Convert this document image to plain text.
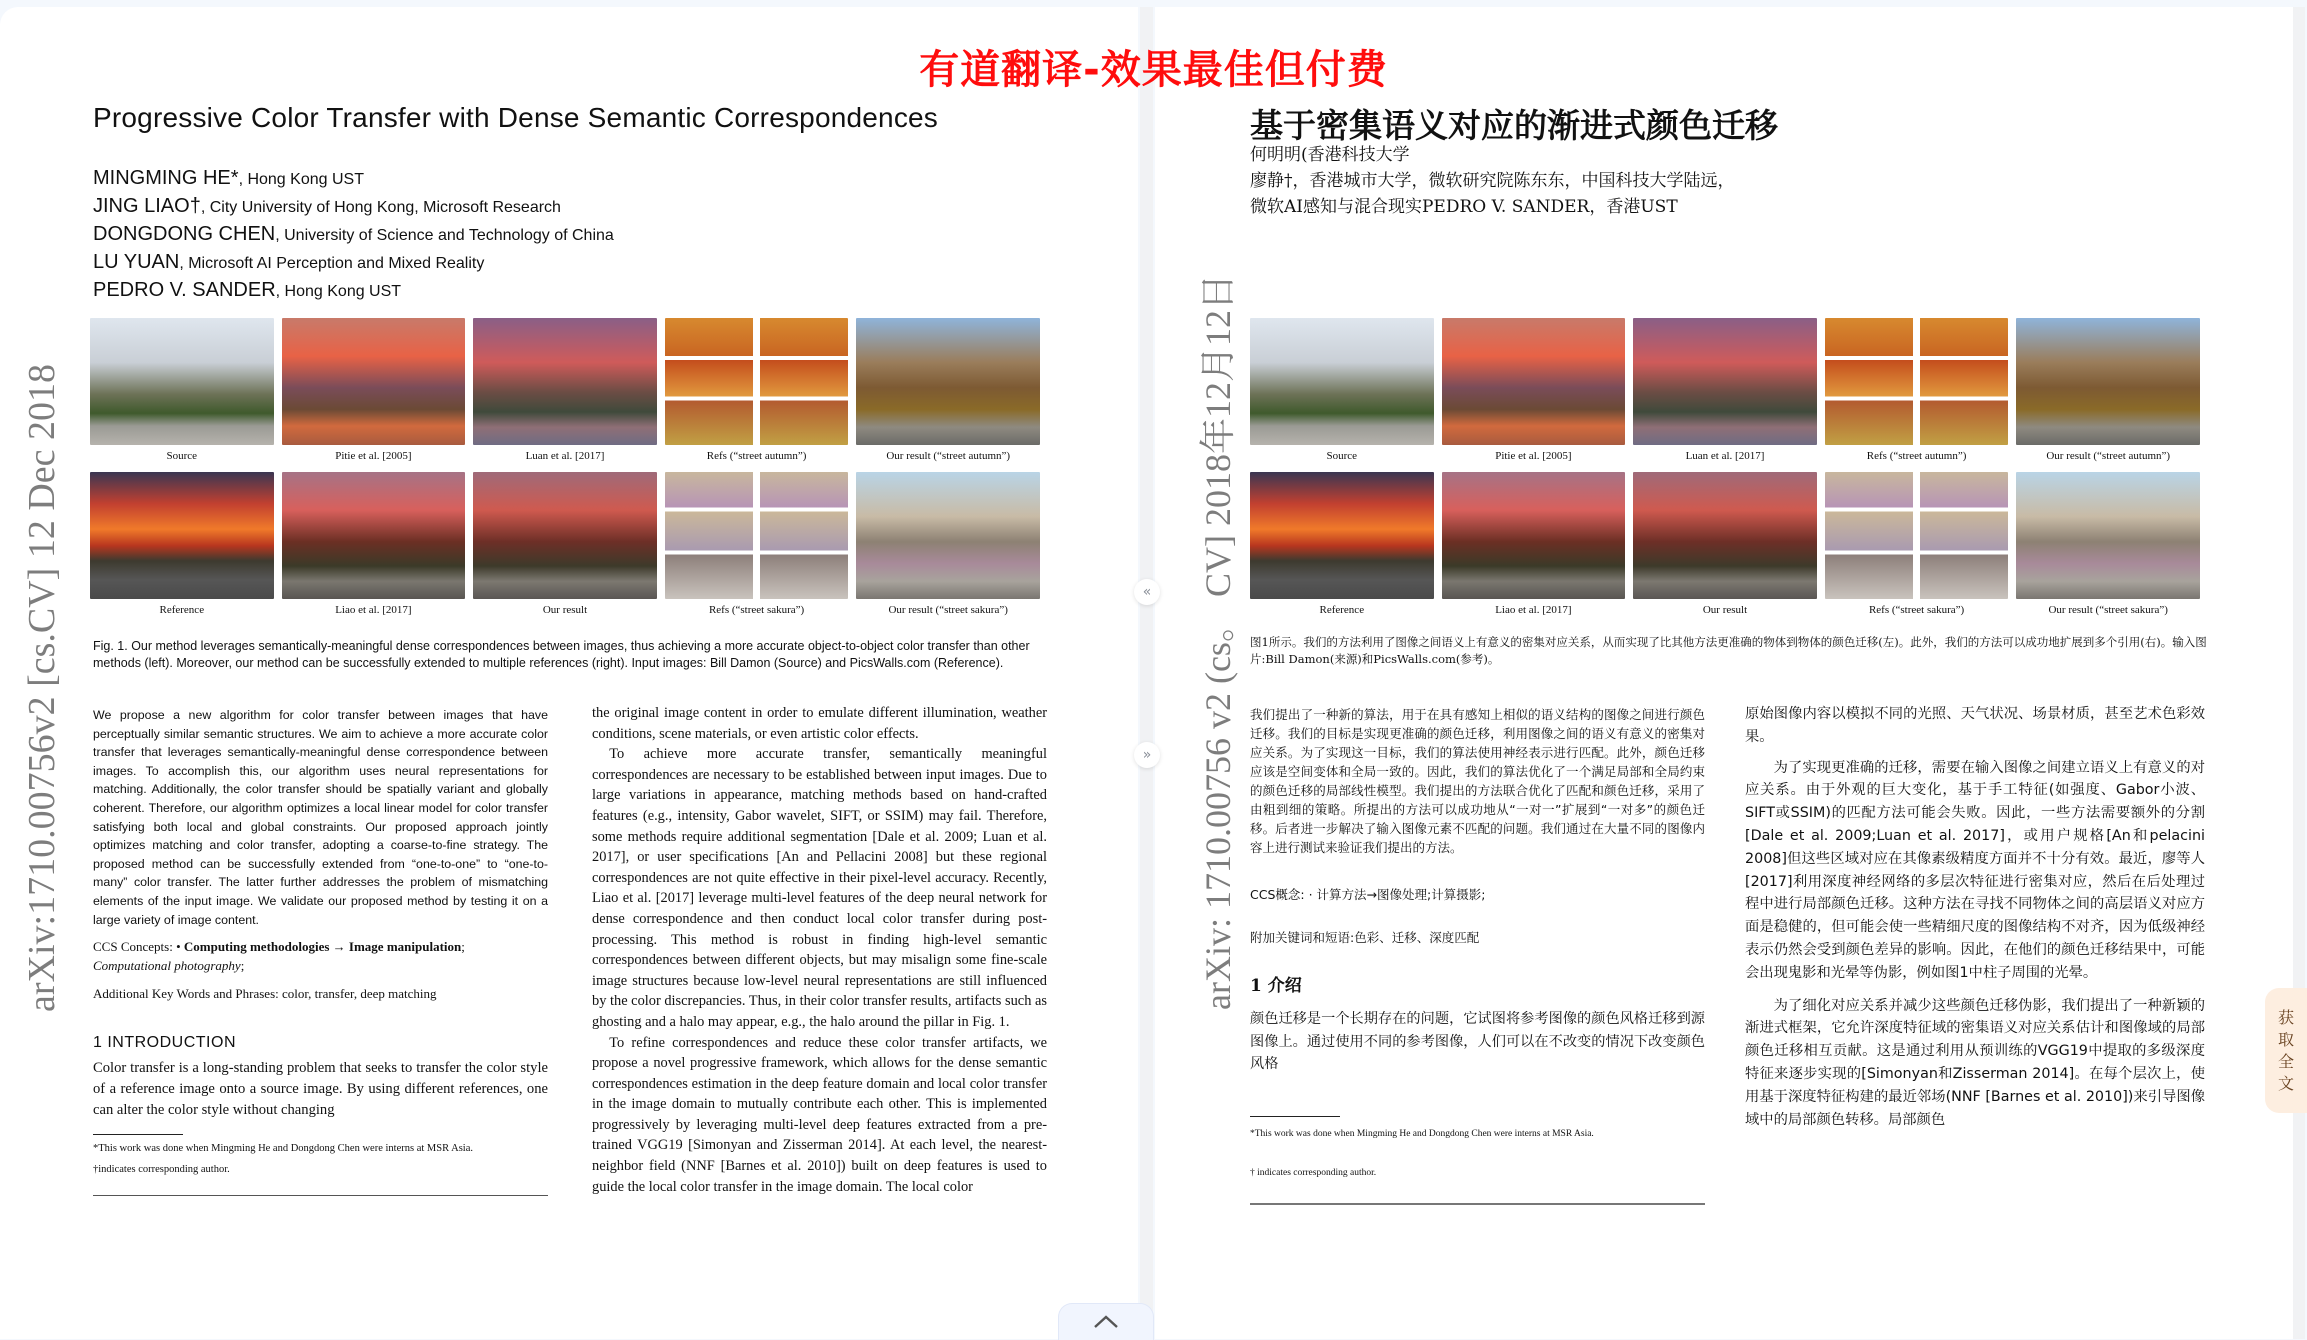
有道翻译-效果最佳但付费
arXiv:1710.00756v2 [cs.CV] 12 Dec 2018
Progressive Color Transfer with Dense Semantic Correspondences
MINGMING HE*, Hong Kong UST
JING LIAO†, City University of Hong Kong, Microsoft Research
DONGDONG CHEN, University of Science and Technology of China
LU YUAN, Microsoft AI Perception and Mixed Reality
PEDRO V. SANDER, Hong Kong UST
Source	Pitie et al. [2005]	Luan et al. [2017]	Refs (“street autumn”)	Our result (“street autumn”)
Reference	Liao et al. [2017]	Our result	Refs (“street sakura”)	Our result (“street sakura”)
Fig. 1. Our method leverages semantically-meaningful dense correspondences between images, thus achieving a more accurate object-to-object color transfer than other methods (left). Moreover, our method can be successfully extended to multiple references (right). Input images: Bill Damon (Source) and PicsWalls.com (Reference).
We propose a new algorithm for color transfer between images that have perceptually similar semantic structures. We aim to achieve a more accurate color transfer that leverages semantically-meaningful dense correspondence between images. To accomplish this, our algorithm uses neural representations for matching. Additionally, the color transfer should be spatially variant and globally coherent. Therefore, our algorithm optimizes a local linear model for color transfer satisfying both local and global constraints. Our proposed approach jointly optimizes matching and color transfer, adopting a coarse-to-fine strategy. The proposed method can be successfully extended from “one-to-one” to “one-to-many” color transfer. The latter further addresses the problem of mismatching elements of the input image. We validate our proposed method by testing it on a large variety of image content.
CCS Concepts: • Computing methodologies → Image manipulation;
Computational photography;
Additional Key Words and Phrases: color, transfer, deep matching
1 INTRODUCTION
Color transfer is a long-standing problem that seeks to transfer the color style of a reference image onto a source image. By using different references, one can alter the color style without changing
*This work was done when Mingming He and Dongdong Chen were interns at MSR Asia.
†indicates corresponding author.
the original image content in order to emulate different illumination, weather conditions, scene materials, or even artistic color effects.
To achieve more accurate transfer, semantically meaningful correspondences are necessary to be established between input images. Due to large variations in appearance, matching methods based on hand-crafted features (e.g., intensity, Gabor wavelet, SIFT, or SSIM) may fail. Therefore, some methods require additional segmentation [Dale et al. 2009; Luan et al. 2017], or user specifications [An and Pellacini 2008] but these regional correspondences are not quite effective in their pixel-level accuracy. Recently, Liao et al. [2017] leverage multi-level features of the deep neural network for dense correspondence and then conduct local color transfer during post-processing. This method is robust in finding high-level semantic correspondences between different objects, but may misalign some fine-scale image structures because low-level neural representations are still influenced by the color discrepancies. Thus, in their color transfer results, artifacts such as ghosting and a halo may appear, e.g., the halo around the pillar in Fig. 1.
To refine correspondences and reduce these color transfer artifacts, we propose a novel progressive framework, which allows for the dense semantic correspondences estimation in the deep feature domain and local color transfer in the image domain to mutually contribute each other. This is implemented progressively by leveraging multi-level deep features extracted from a pre-trained VGG19 [Simonyan and Zisserman 2014]. At each level, the nearest-neighbor field (NNF [Barnes et al. 2010]) built on deep features is used to guide the local color transfer in the image domain. The local color
arXiv: 1710.00756 v2 (cs。 CV] 2018年12月12日
基于密集语义对应的渐进式颜色迁移
何明明(香港科技大学
廖静†，香港城市大学，微软研究院陈东东，中国科技大学陆远，
微软AI感知与混合现实PEDRO V. SANDER，香港UST
Source	Pitie et al. [2005]	Luan et al. [2017]	Refs (“street autumn”)	Our result (“street autumn”)
Reference	Liao et al. [2017]	Our result	Refs (“street sakura”)	Our result (“street sakura”)
图1所示。我们的方法利用了图像之间语义上有意义的密集对应关系，从而实现了比其他方法更准确的物体到物体的颜色迁移(左)。此外，我们的方法可以成功地扩展到多个引用(右)。输入图片:Bill Damon(来源)和PicsWalls.com(参考)。
我们提出了一种新的算法，用于在具有感知上相似的语义结构的图像之间进行颜色迁移。我们的目标是实现更准确的颜色迁移，利用图像之间的语义有意义的密集对应关系。为了实现这一目标，我们的算法使用神经表示进行匹配。此外，颜色迁移应该是空间变体和全局一致的。因此，我们的算法优化了一个满足局部和全局约束的颜色迁移的局部线性模型。我们提出的方法联合优化了匹配和颜色迁移，采用了由粗到细的策略。所提出的方法可以成功地从“一对一”扩展到“一对多”的颜色迁移。后者进一步解决了输入图像元素不匹配的问题。我们通过在大量不同的图像内容上进行测试来验证我们提出的方法。
CCS概念: · 计算方法→图像处理;计算摄影;
附加关键词和短语:色彩、迁移、深度匹配
1 介绍
颜色迁移是一个长期存在的问题，它试图将参考图像的颜色风格迁移到源图像上。通过使用不同的参考图像，人们可以在不改变的情况下改变颜色风格
*This work was done when Mingming He and Dongdong Chen were interns at MSR Asia.
† indicates corresponding author.
原始图像内容以模拟不同的光照、天气状况、场景材质，甚至艺术色彩效果。
为了实现更准确的迁移，需要在输入图像之间建立语义上有意义的对应关系。由于外观的巨大变化，基于手工特征(如强度、Gabor小波、SIFT或SSIM)的匹配方法可能会失败。因此，一些方法需要额外的分割[Dale et al. 2009;Luan et al. 2017]，或用户规格[An和pelacini 2008]但这些区域对应在其像素级精度方面并不十分有效。最近，廖等人[2017]利用深度神经网络的多层次特征进行密集对应，然后在后处理过程中进行局部颜色迁移。这种方法在寻找不同物体之间的高层语义对应方面是稳健的，但可能会使一些精细尺度的图像结构不对齐，因为低级神经表示仍然会受到颜色差异的影响。因此，在他们的颜色迁移结果中，可能会出现鬼影和光晕等伪影，例如图1中柱子周围的光晕。
为了细化对应关系并减少这些颜色迁移伪影，我们提出了一种新颖的渐进式框架，它允许深度特征域的密集语义对应关系估计和图像域的局部颜色迁移相互贡献。这是通过利用从预训练的VGG19中提取的多级深度特征来逐步实现的[Simonyan和Zisserman 2014]。在每个层次上，使用基于深度特征构建的最近邻场(NNF [Barnes et al. 2010])来引导图像域中的局部颜色转移。局部颜色
«
»
获
取
全
文
